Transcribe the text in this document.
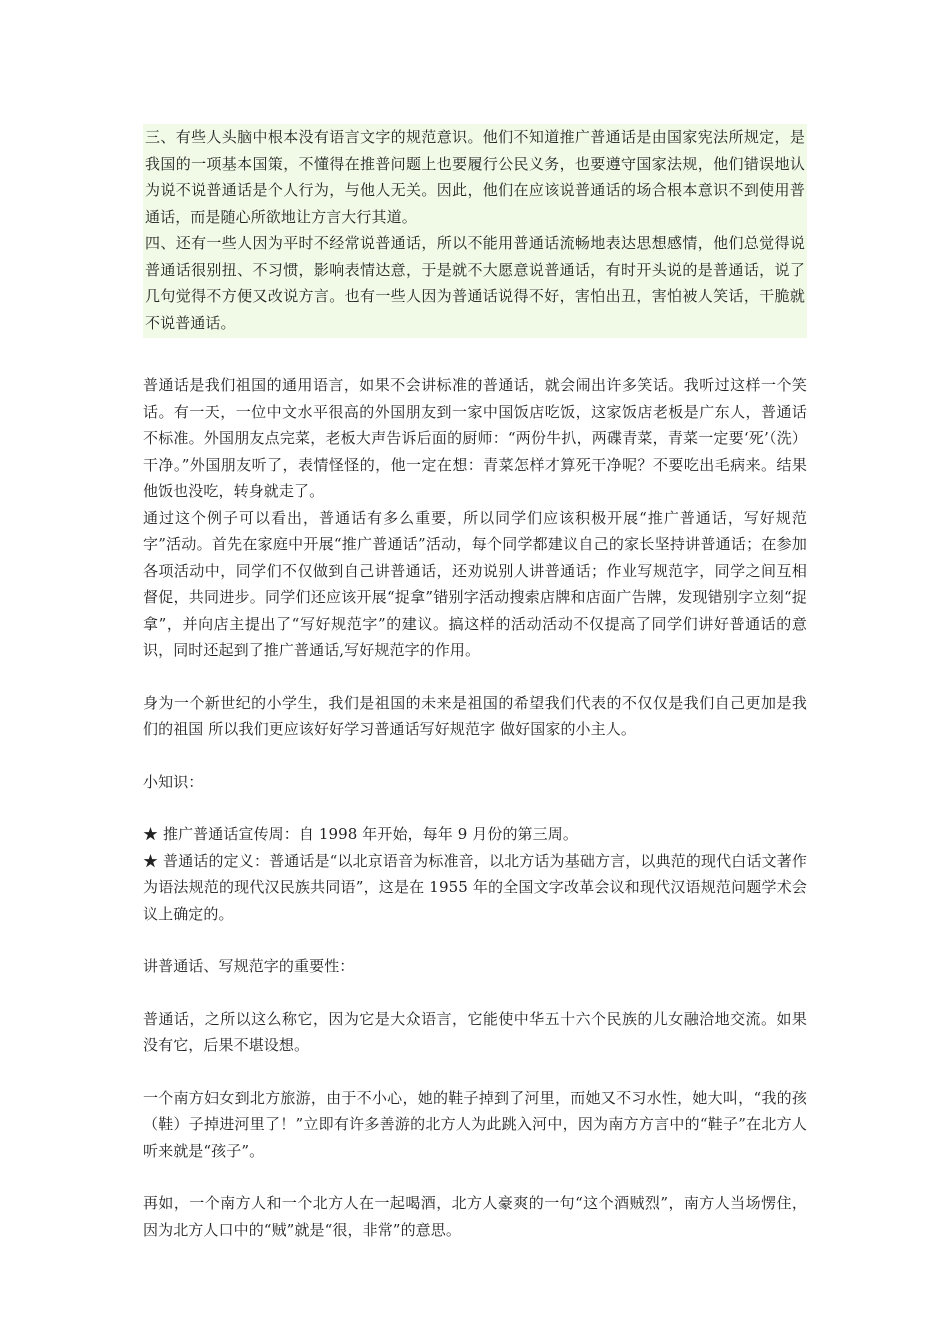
三、有些人头脑中根本没有语言文字的规范意识。他们不知道推广普通话是由国家宪法所规定，是我国的一项基本国策，不懂得在推普问题上也要履行公民义务，也要遵守国家法规，他们错误地认为说不说普通话是个人行为，与他人无关。因此，他们在应该说普通话的场合根本意识不到使用普通话，而是随心所欲地让方言大行其道。

四、还有一些人因为平时不经常说普通话，所以不能用普通话流畅地表达思想感情，他们总觉得说普通话很别扭、不习惯，影响表情达意，于是就不大愿意说普通话，有时开头说的是普通话，说了几句觉得不方便又改说方言。也有一些人因为普通话说得不好，害怕出丑，害怕被人笑话，干脆就不说普通话。

普通话是我们祖国的通用语言，如果不会讲标准的普通话，就会闹出许多笑话。我听过这样一个笑话。有一天，一位中文水平很高的外国朋友到一家中国饭店吃饭，这家饭店老板是广东人，普通话不标准。外国朋友点完菜，老板大声告诉后面的厨师：“两份牛扒，两碟青菜，青菜一定要‘死’（洗）干净。”外国朋友听了，表情怪怪的，他一定在想：青菜怎样才算死干净呢？不要吃出毛病来。结果他饭也没吃，转身就走了。

通过这个例子可以看出，普通话有多么重要，所以同学们应该积极开展“推广普通话，写好规范字”活动。首先在家庭中开展“推广普通话”活动，每个同学都建议自己的家长坚持讲普通话；在参加各项活动中，同学们不仅做到自己讲普通话，还劝说别人讲普通话；作业写规范字，同学之间互相督促，共同进步。同学们还应该开展“捉拿”错别字活动搜索店牌和店面广告牌，发现错别字立刻“捉拿”，并向店主提出了“写好规范字”的建议。搞这样的活动活动不仅提高了同学们讲好普通话的意识，同时还起到了推广普通话,写好规范字的作用。

身为一个新世纪的小学生，我们是祖国的未来是祖国的希望我们代表的不仅仅是我们自己更加是我们的祖国 所以我们更应该好好学习普通话写好规范字 做好国家的小主人。

小知识：

★ 推广普通话宣传周：自 1998 年开始，每年 9 月份的第三周。

★ 普通话的定义：普通话是“以北京语音为标准音，以北方话为基础方言，以典范的现代白话文著作为语法规范的现代汉民族共同语”，这是在 1955 年的全国文字改革会议和现代汉语规范问题学术会议上确定的。

讲普通话、写规范字的重要性：

普通话，之所以这么称它，因为它是大众语言，它能使中华五十六个民族的儿女融洽地交流。如果没有它，后果不堪设想。

一个南方妇女到北方旅游，由于不小心，她的鞋子掉到了河里，而她又不习水性，她大叫，“我的孩（鞋）子掉进河里了！”立即有许多善游的北方人为此跳入河中，因为南方方言中的“鞋子”在北方人听来就是“孩子”。

再如，一个南方人和一个北方人在一起喝酒，北方人豪爽的一句“这个酒贼烈”，南方人当场愣住，因为北方人口中的“贼”就是“很，非常”的意思。
